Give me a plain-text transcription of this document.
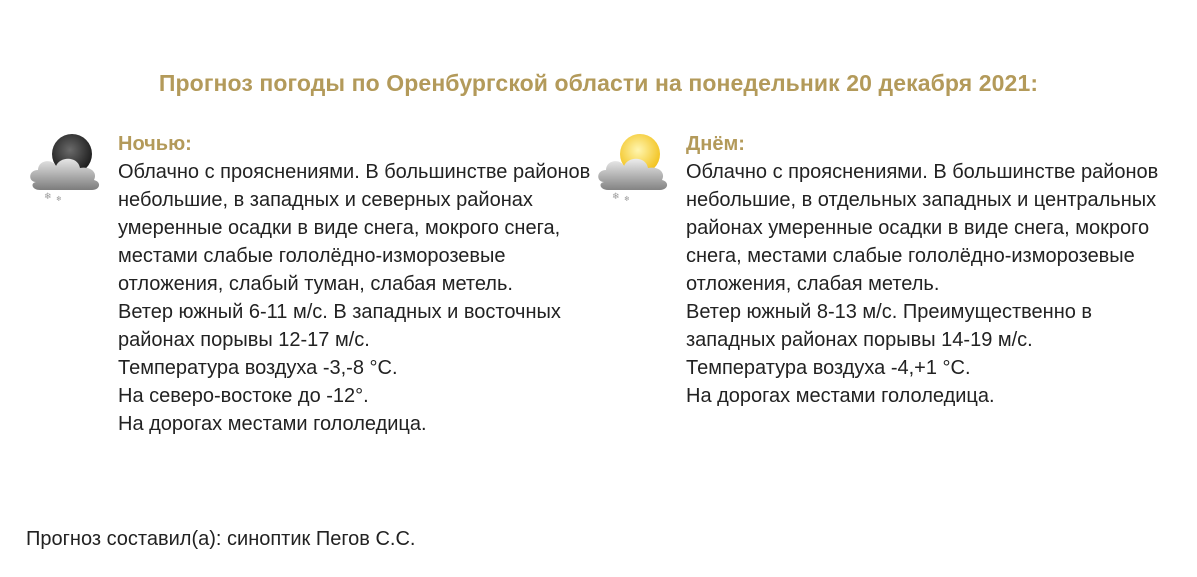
Прогноз погоды по Оренбургской области на понедельник 20 декабря 2021:
❄ ❄
Ночью:
Облачно с прояснениями. В большинстве районов небольшие, в западных и северных районах умеренные осадки в виде снега, мокрого снега, местами слабые гололёдно-изморозевые отложения, слабый туман, слабая метель.
Ветер южный 6-11 м/с. В западных и восточных районах порывы 12-17 м/с.
Температура воздуха -3,-8 °С.
На северо-востоке до -12°.
На дорогах местами гололедица.
❄ ❄
Днём:
Облачно с прояснениями. В большинстве районов небольшие, в отдельных западных и центральных районах умеренные осадки в виде снега, мокрого снега, местами слабые гололёдно-изморозевые отложения, слабая метель.
Ветер южный 8-13 м/с. Преимущественно в западных районах порывы 14-19 м/с.
Температура воздуха -4,+1 °С.
На дорогах местами гололедица.
Прогноз составил(а): синоптик Пегов С.С.
